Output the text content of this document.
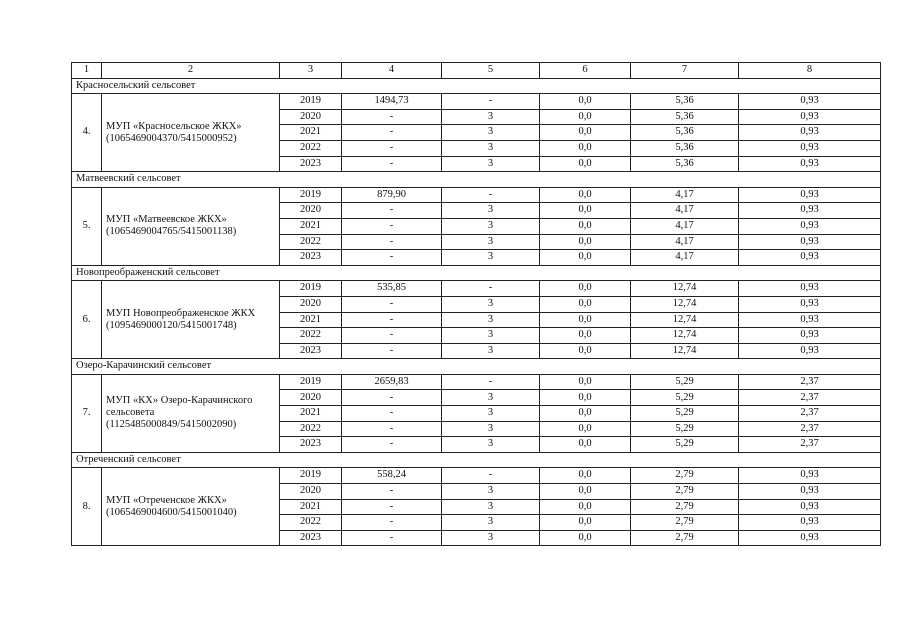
1	2	3	4	5	6	7	8
Красносельский сельсовет							
4.	МУП «Красносельское ЖКХ» (1065469004370/5415000952)	2019	1494,73	-	0,0	5,36	0,93
		2020	-	3	0,0	5,36	0,93
		2021	-	3	0,0	5,36	0,93
		2022	-	3	0,0	5,36	0,93
		2023	-	3	0,0	5,36	0,93
Матвеевский сельсовет							
5.	МУП «Матвеевское ЖКХ» (1065469004765/5415001138)	2019	879,90	-	0,0	4,17	0,93
		2020	-	3	0,0	4,17	0,93
		2021	-	3	0,0	4,17	0,93
		2022	-	3	0,0	4,17	0,93
		2023	-	3	0,0	4,17	0,93
Новопреображенский сельсовет							
6.	МУП Новопреображенское ЖКХ (1095469000120/5415001748)	2019	535,85	-	0,0	12,74	0,93
		2020	-	3	0,0	12,74	0,93
		2021	-	3	0,0	12,74	0,93
		2022	-	3	0,0	12,74	0,93
		2023	-	3	0,0	12,74	0,93
Озеро-Карачинский сельсовет							
7.	МУП «КХ» Озеро-Карачинского сельсовета (1125485000849/5415002090)	2019	2659,83	-	0,0	5,29	2,37
		2020	-	3	0,0	5,29	2,37
		2021	-	3	0,0	5,29	2,37
		2022	-	3	0,0	5,29	2,37
		2023	-	3	0,0	5,29	2,37
Отреченский сельсовет							
8.	МУП «Отреченское ЖКХ» (1065469004600/5415001040)	2019	558,24	-	0,0	2,79	0,93
		2020	-	3	0,0	2,79	0,93
		2021	-	3	0,0	2,79	0,93
		2022	-	3	0,0	2,79	0,93
		2023	-	3	0,0	2,79	0,93
